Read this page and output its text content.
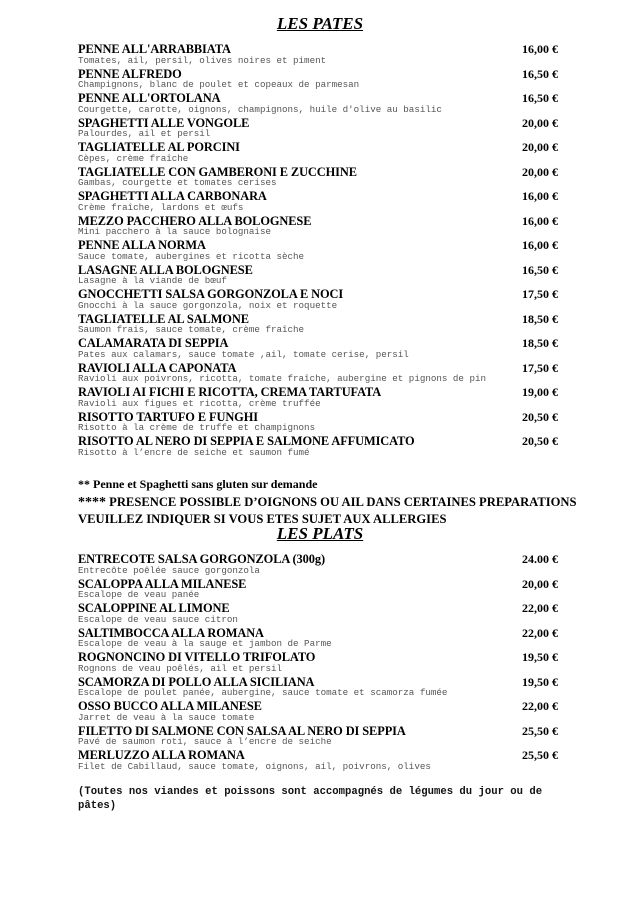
LES PATES
PENNE ALL'ARRABBIATA	16,00 €
Tomates, ail, persil, olives noires et piment
PENNE ALFREDO	16,50 €
Champignons, blanc de poulet et copeaux de parmesan
PENNE ALL'ORTOLANA	16,50 €
Courgette, carotte, oignons, champignons, huile d'olive au basilic
SPAGHETTI ALLE VONGOLE	20,00 €
Palourdes, ail et persil
TAGLIATELLE AL PORCINI	20,00 €
Cèpes, crème fraîche
TAGLIATELLE CON GAMBERONI E ZUCCHINE	20,00 €
Gambas, courgette et tomates cerises
SPAGHETTI ALLA CARBONARA	16,00 €
Crème fraîche, lardons et œufs
MEZZO PACCHERO ALLA BOLOGNESE	16,00 €
Mini pacchero à la sauce bolognaise
PENNE ALLA NORMA	16,00 €
Sauce tomate, aubergines et ricotta sèche
LASAGNE ALLA BOLOGNESE	16,50 €
Lasagne à la viande de bœuf
GNOCCHETTI SALSA GORGONZOLA E NOCI	17,50 €
Gnocchi à la sauce gorgonzola, noix et roquette
TAGLIATELLE AL SALMONE	18,50 €
Saumon frais, sauce tomate, crème fraîche
CALAMARATA DI SEPPIA	18,50 €
Pates aux calamars, sauce tomate ,ail, tomate cerise, persil
RAVIOLI ALLA CAPONATA	17,50 €
Ravioli aux poivrons, ricotta, tomate fraîche, aubergine et pignons de pin
RAVIOLI AI FICHI E RICOTTA, CREMA TARTUFATA	19,00 €
Ravioli aux figues et ricotta, crème truffée
RISOTTO TARTUFO E FUNGHI	20,50 €
Risotto à la crème de truffe et champignons
RISOTTO AL NERO DI SEPPIA E SALMONE AFFUMICATO	20,50 €
Risotto à l’encre de seiche et saumon fumé

** Penne et Spaghetti sans gluten sur demande

**** PRESENCE POSSIBLE D’OIGNONS OU AIL DANS CERTAINES PREPARATIONS
VEUILLEZ INDIQUER SI VOUS ETES SUJET AUX ALLERGIES

LES PLATS
ENTRECOTE SALSA GORGONZOLA (300g)	24.00 €
Entrecôte poêlée sauce gorgonzola
SCALOPPA ALLA MILANESE	20,00 €
Escalope de veau panée
SCALOPPINE AL LIMONE	22,00 €
Escalope de veau sauce citron
SALTIMBOCCA ALLA ROMANA	22,00 €
Escalope de veau à la sauge et jambon de Parme
ROGNONCINO DI VITELLO TRIFOLATO	19,50 €
Rognons de veau poêlés, ail et persil
SCAMORZA DI POLLO ALLA SICILIANA	19,50 €
Escalope de poulet panée, aubergine, sauce tomate et scamorza fumée
OSSO BUCCO ALLA MILANESE	22,00 €
Jarret de veau à la sauce tomate
FILETTO DI SALMONE CON SALSA AL NERO DI SEPPIA	25,50 €
Pavé de saumon roti, sauce à l’encre de seiche
MERLUZZO ALLA ROMANA	25,50 €
Filet de Cabillaud, sauce tomate, oignons, ail, poivrons, olives

(Toutes nos viandes et poissons sont accompagnés de légumes du jour ou de pâtes)
